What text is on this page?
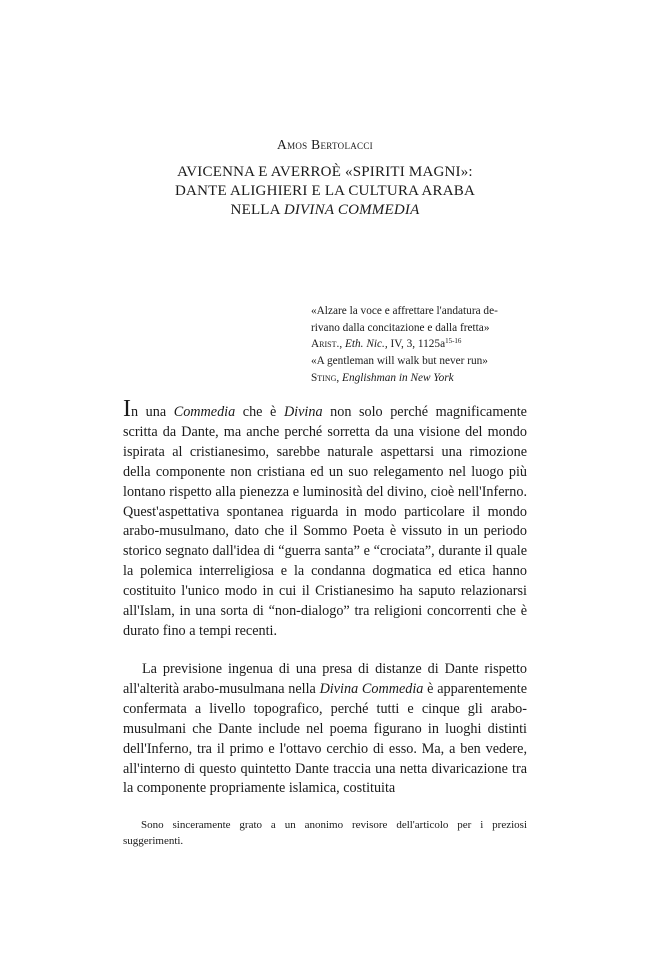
Amos Bertolacci
AVICENNA E AVERROÈ «SPIRITI MAGNI»:
DANTE ALIGHIERI E LA CULTURA ARABA
NELLA DIVINA COMMEDIA
«Alzare la voce e affrettare l'andatura de-
rivano dalla concitazione e dalla fretta»
Arist., Eth. Nic., IV, 3, $1125a^{15-16}$
«A gentleman will walk but never run»
Sting, Englishman in New York
In una Commedia che è Divina non solo perché magnificamente scritta da Dante, ma anche perché sorretta da una visione del mondo ispirata al cristianesimo, sarebbe naturale aspettarsi una rimozione della componente non cristiana ed un suo relegamento nel luogo più lontano rispetto alla pienezza e luminosità del divino, cioè nell'Inferno. Quest'aspettativa spontanea riguarda in modo particolare il mondo arabo-musulmano, dato che il Sommo Poeta è vissuto in un periodo storico segnato dall'idea di “guerra santa” e “crociata”, durante il quale la polemica interreligiosa e la condanna dogmatica ed etica hanno costituito l'unico modo in cui il Cristianesimo ha saputo relazionarsi all'Islam, in una sorta di “non-dialogo” tra religioni concorrenti che è durato fino a tempi recenti.
La previsione ingenua di una presa di distanze di Dante rispetto all'alterità arabo-musulmana nella Divina Commedia è apparentemente confermata a livello topografico, perché tutti e cinque gli arabo-musulmani che Dante include nel poema figurano in luoghi distinti dell'Inferno, tra il primo e l'ottavo cerchio di esso. Ma, a ben vedere, all'interno di questo quintetto Dante traccia una netta divaricazione tra la componente propriamente islamica, costituita
Sono sinceramente grato a un anonimo revisore dell'articolo per i preziosi suggerimenti.
